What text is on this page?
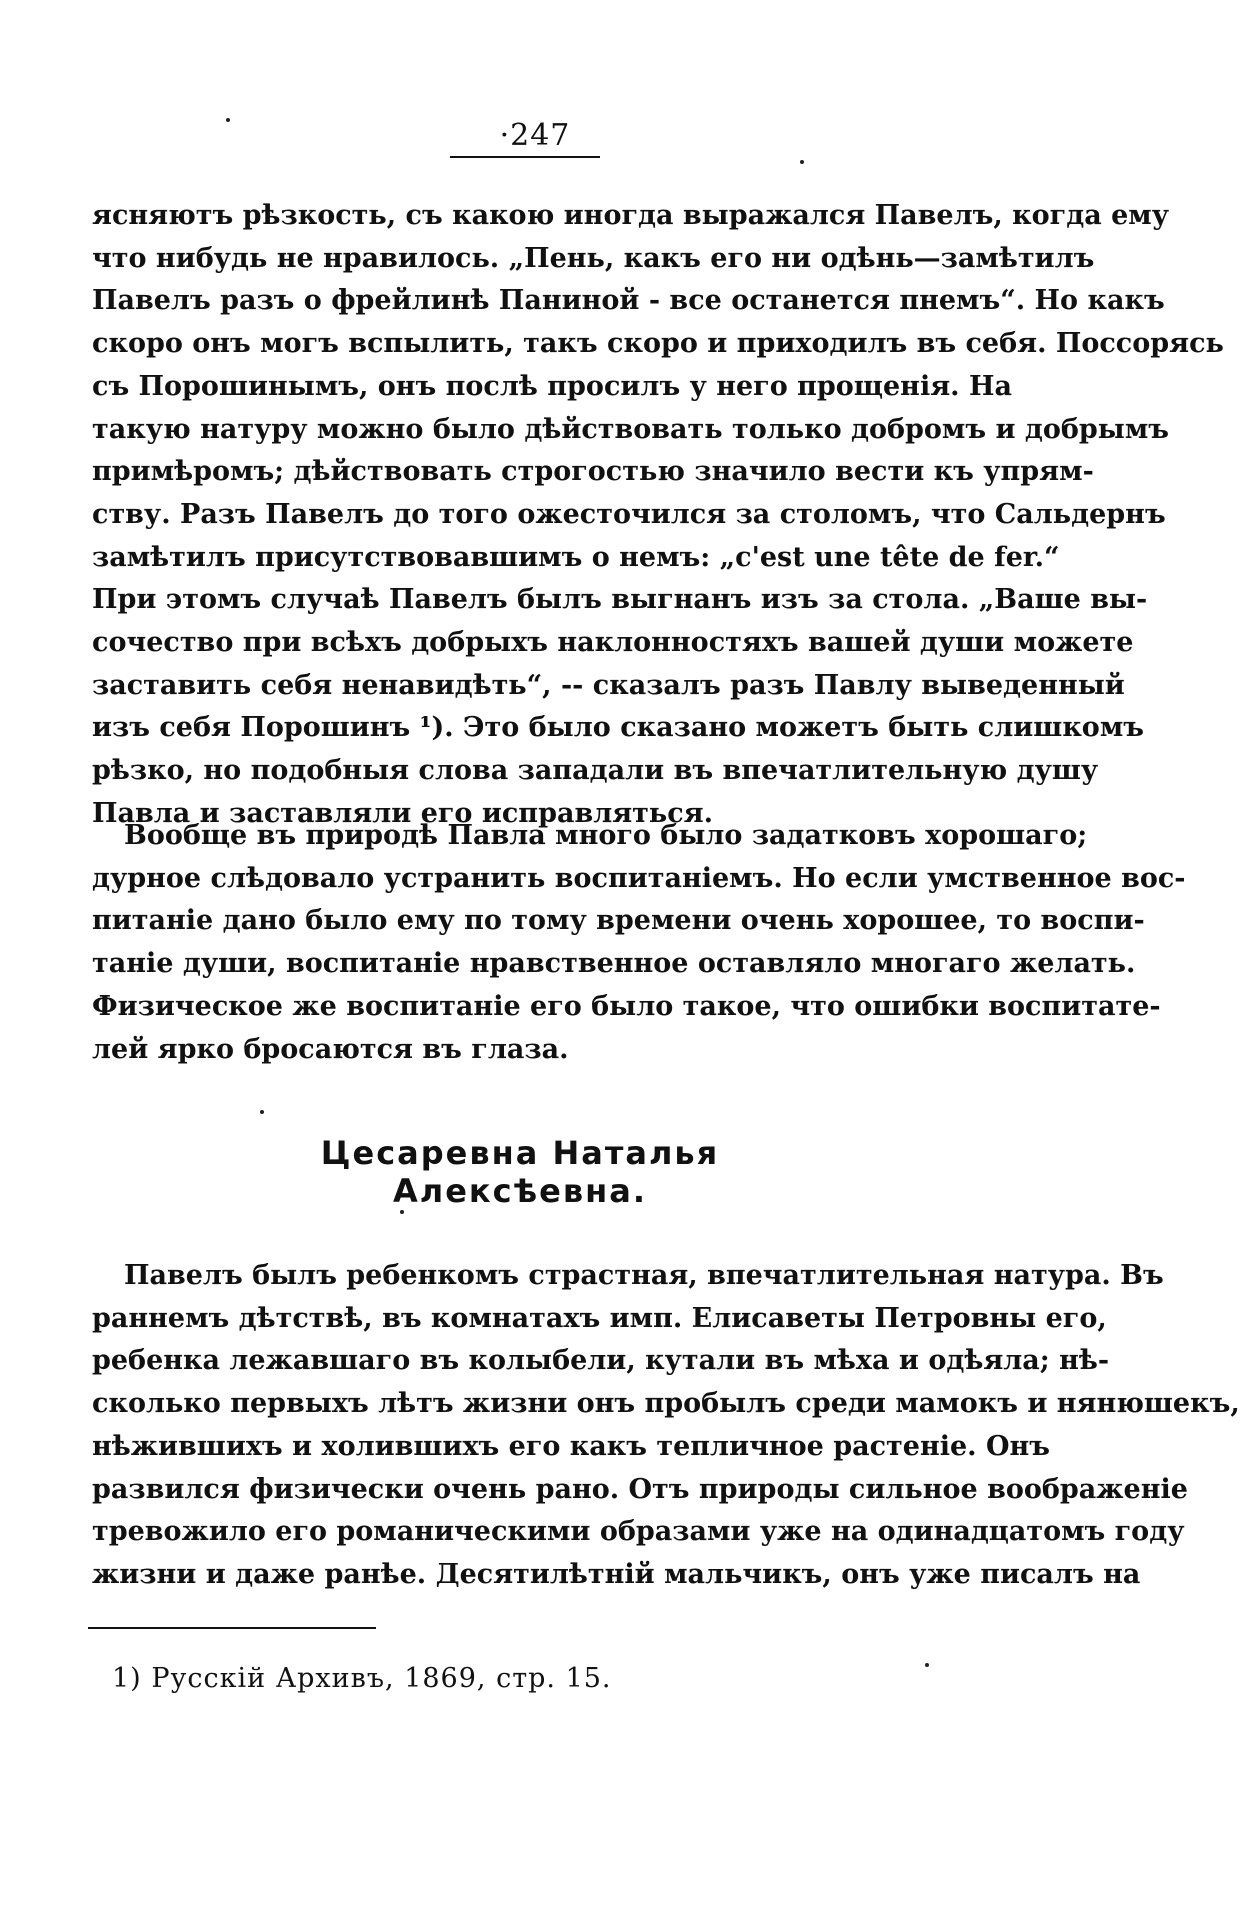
·247
ясняютъ рѣзкость, съ какою иногда выражался Павелъ, когда ему
что нибудь не нравилось. „Пень, какъ его ни одѣнь—замѣтилъ
Павелъ разъ о фрейлинѣ Паниной - все останется пнемъ“. Но какъ
скоро онъ могъ вспылить, такъ скоро и приходилъ въ себя. Поссорясь
съ Порошинымъ, онъ послѣ просилъ у него прощенія. На
такую натуру можно было дѣйствовать только добромъ и добрымъ
примѣромъ; дѣйствовать строгостью значило вести къ упрям-
ству. Разъ Павелъ до того ожесточился за столомъ, что Сальдернъ
замѣтилъ присутствовавшимъ о немъ: „c'est une tête de fer.“
При этомъ случаѣ Павелъ былъ выгнанъ изъ за стола. „Ваше вы-
сочество при всѣхъ добрыхъ наклонностяхъ вашей души можете
заставить себя ненавидѣть“, -- сказалъ разъ Павлу выведенный
изъ себя Порошинъ ¹). Это было сказано можетъ быть слишкомъ
рѣзко, но подобныя слова западали въ впечатлительную душу
Павла и заставляли его исправляться.
Вообще въ природѣ Павла много было задатковъ хорошаго;
дурное слѣдовало устранить воспитаніемъ. Но если умственное вос-
питаніе дано было ему по тому времени очень хорошее, то воспи-
таніе души, воспитаніе нравственное оставляло многаго желать.
Физическое же воспитаніе его было такое, что ошибки воспитате-
лей ярко бросаются въ глаза.
Цесаревна Наталья Алексѣевна.
Павелъ былъ ребенкомъ страстная, впечатлительная натура. Въ
раннемъ дѣтствѣ, въ комнатахъ имп. Елисаветы Петровны его,
ребенка лежавшаго въ колыбели, кутали въ мѣха и одѣяла; нѣ-
сколько первыхъ лѣтъ жизни онъ пробылъ среди мамокъ и нянюшекъ,
нѣжившихъ и холившихъ его какъ тепличное растеніе. Онъ
развился физически очень рано. Отъ природы сильное воображеніе
тревожило его романическими образами уже на одинадцатомъ году
жизни и даже ранѣе. Десятилѣтній мальчикъ, онъ уже писалъ на
1) Русскій Архивъ, 1869, стр. 15.
